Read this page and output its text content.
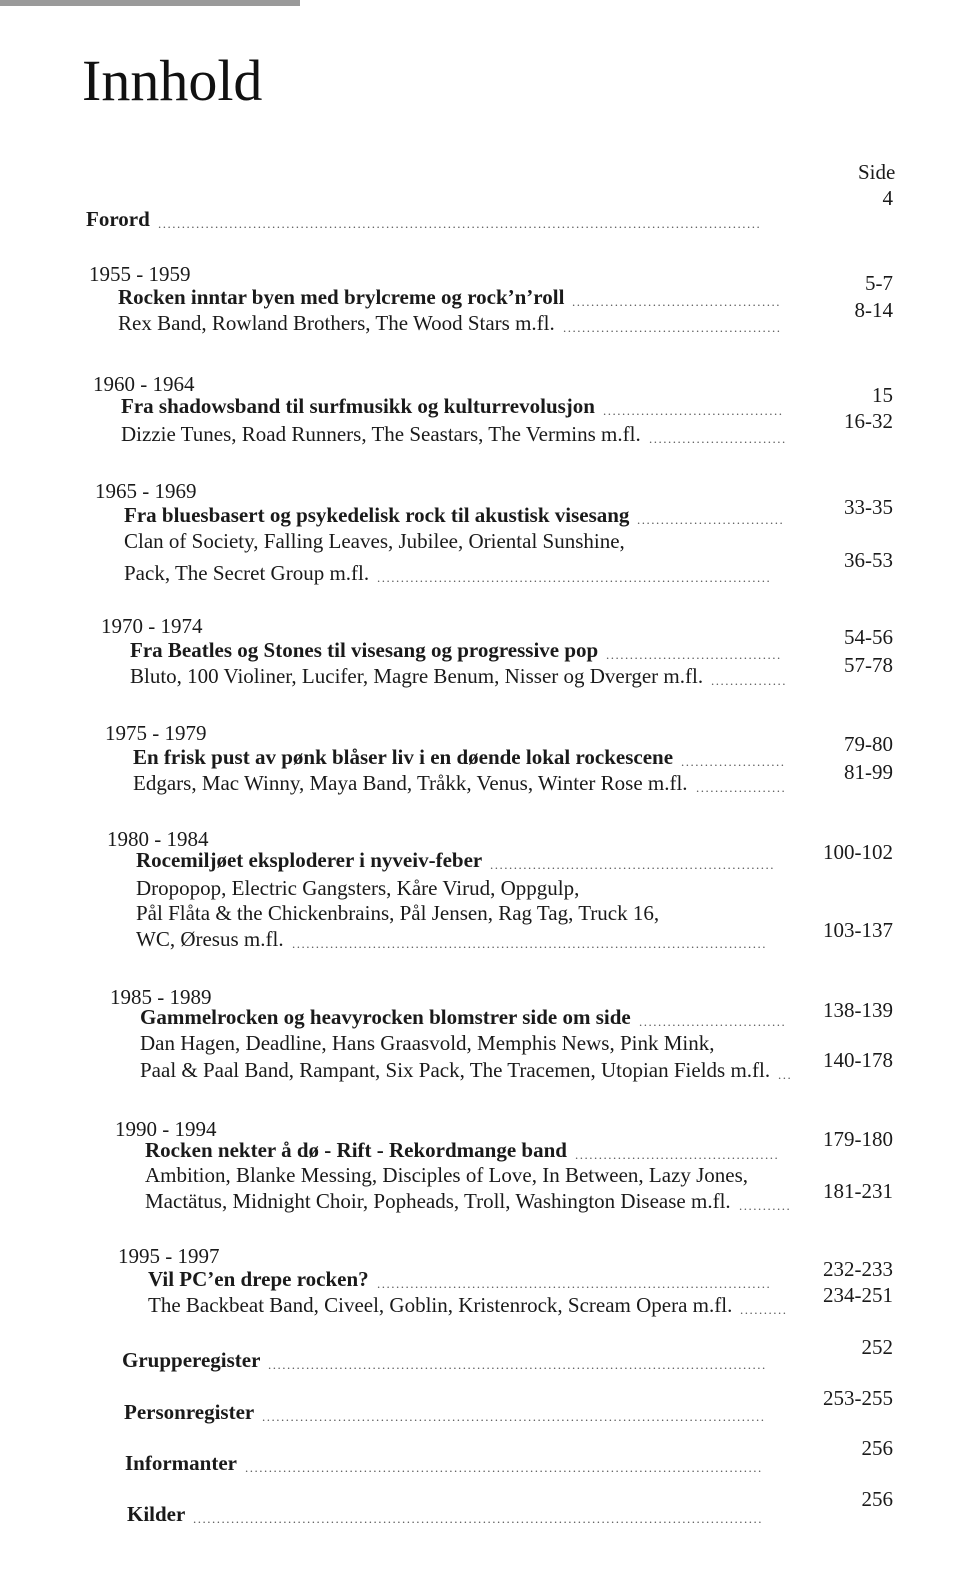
Innhold
Side
Forord ...............................................................................................................................
4
1955 - 1959
Rocken inntar byen med brylcreme og rock’n’roll ............................................
5-7
Rex Band, Rowland Brothers, The Wood Stars m.fl. ..............................................
8-14
1960 - 1964
Fra shadowsband til surfmusikk og kulturrevolusjon ......................................
15
Dizzie Tunes, Road Runners, The Seastars, The Vermins m.fl. .............................
16-32
1965 - 1969
Fra bluesbasert og psykedelisk rock til akustisk visesang ...............................
33-35
Clan of Society, Falling Leaves, Jubilee, Oriental Sunshine,
Pack, The Secret Group m.fl. ...................................................................................
36-53
1970 - 1974
Fra Beatles og Stones til visesang og progressive pop .....................................
54-56
Bluto, 100 Violiner, Lucifer, Magre Benum, Nisser og Dverger m.fl. ................
57-78
1975 - 1979
En frisk pust av pønk blåser liv i en døende lokal rockescene ......................
79-80
Edgars, Mac Winny, Maya Band, Tråkk, Venus, Winter Rose m.fl. ...................
81-99
1980 - 1984
Rocemiljøet eksploderer i nyveiv-feber ............................................................
100-102
Dropopop, Electric Gangsters, Kåre Virud, Oppgulp,
Pål Flåta & the Chickenbrains, Pål Jensen, Rag Tag, Truck 16,
WC, Øresus m.fl. ....................................................................................................
103-137
1985 - 1989
Gammelrocken og heavyrocken blomstrer side om side ............................... 138-139
Dan Hagen, Deadline, Hans Graasvold, Memphis News, Pink Mink,
Paal & Paal Band, Rampant, Six Pack, The Tracemen, Utopian Fields m.fl. ...
140-178
1990 - 1994
Rocken nekter å dø - Rift - Rekordmange band ...........................................
179-180
Ambition, Blanke Messing, Disciples of Love, In Between, Lazy Jones,
Mactätus, Midnight Choir, Popheads, Troll, Washington Disease m.fl. ...........
181-231
1995 - 1997
Vil PC’en drepe rocken? ...................................................................................
232-233
The Backbeat Band, Civeel, Goblin, Kristenrock, Scream Opera m.fl. ..........
234-251
Grupperegister .........................................................................................................
252
Personregister ..........................................................................................................
253-255
Informanter .............................................................................................................
256
Kilder ........................................................................................................................
256
